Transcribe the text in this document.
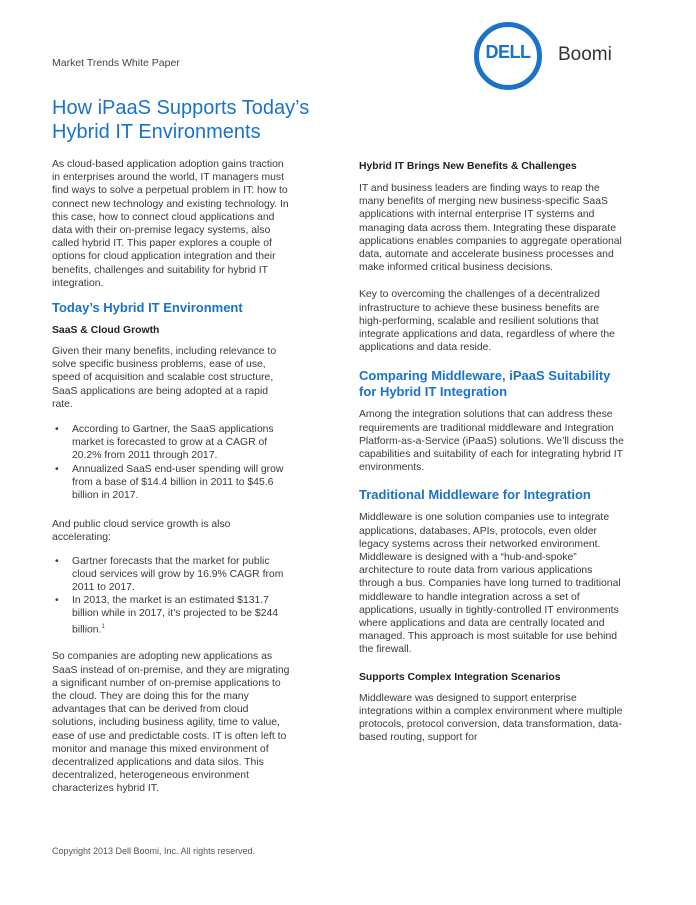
Market Trends White Paper
DELL	Boomi
How iPaaS Supports Today’s
Hybrid IT Environments

As cloud-based application adoption gains traction in enterprises around the world, IT managers must find ways to solve a perpetual problem in IT: how to connect new technology and existing technology. In this case, how to connect cloud applications and data with their on-premise legacy systems, also called hybrid IT. This paper explores a couple of options for cloud application integration and their benefits, challenges and suitability for hybrid IT integration.

Today’s Hybrid IT Environment
SaaS & Cloud Growth

Given their many benefits, including relevance to solve specific business problems, ease of use, speed of acquisition and scalable cost structure, SaaS applications are being adopted at a rapid rate.

• According to Gartner, the SaaS applications market is forecasted to grow at a CAGR of 20.2% from 2011 through 2017.
• Annualized SaaS end-user spending will grow from a base of $14.4 billion in 2011 to $45.6 billion in 2017.

And public cloud service growth is also accelerating:

• Gartner forecasts that the market for public cloud services will grow by 16.9% CAGR from 2011 to 2017.
• In 2013, the market is an estimated $131.7 billion while in 2017, it’s projected to be $244 billion.$^1$

So companies are adopting new applications as SaaS instead of on-premise, and they are migrating a significant number of on-premise applications to the cloud. They are doing this for the many advantages that can be derived from cloud solutions, including business agility, time to value, ease of use and predictable costs. IT is often left to monitor and manage this mixed environment of decentralized applications and data silos. This decentralized, heterogeneous environment characterizes hybrid IT.

Hybrid IT Brings New Benefits & Challenges

IT and business leaders are finding ways to reap the many benefits of merging new business-specific SaaS applications with internal enterprise IT systems and managing data across them. Integrating these disparate applications enables companies to aggregate operational data, automate and accelerate business processes and make informed critical business decisions.

Key to overcoming the challenges of a decentralized infrastructure to achieve these business benefits are high-performing, scalable and resilient solutions that integrate applications and data, regardless of where the applications and data reside.

Comparing Middleware, iPaaS Suitability for Hybrid IT Integration

Among the integration solutions that can address these requirements are traditional middleware and Integration Platform-as-a-Service (iPaaS) solutions. We’ll discuss the capabilities and suitability of each for integrating hybrid IT environments.

Traditional Middleware for Integration

Middleware is one solution companies use to integrate applications, databases, APIs, protocols, even older legacy systems across their networked environment. Middleware is designed with a “hub-and-spoke” architecture to route data from various applications through a bus. Companies have long turned to traditional middleware to handle integration across a set of applications, usually in tightly-controlled IT environments where applications and data are centrally located and managed. This approach is most suitable for use behind the firewall.

Supports Complex Integration Scenarios

Middleware was designed to support enterprise integrations within a complex environment where multiple protocols, protocol conversion, data transformation, data-based routing, support for

Copyright 2013 Dell Boomi, Inc. All rights reserved.
